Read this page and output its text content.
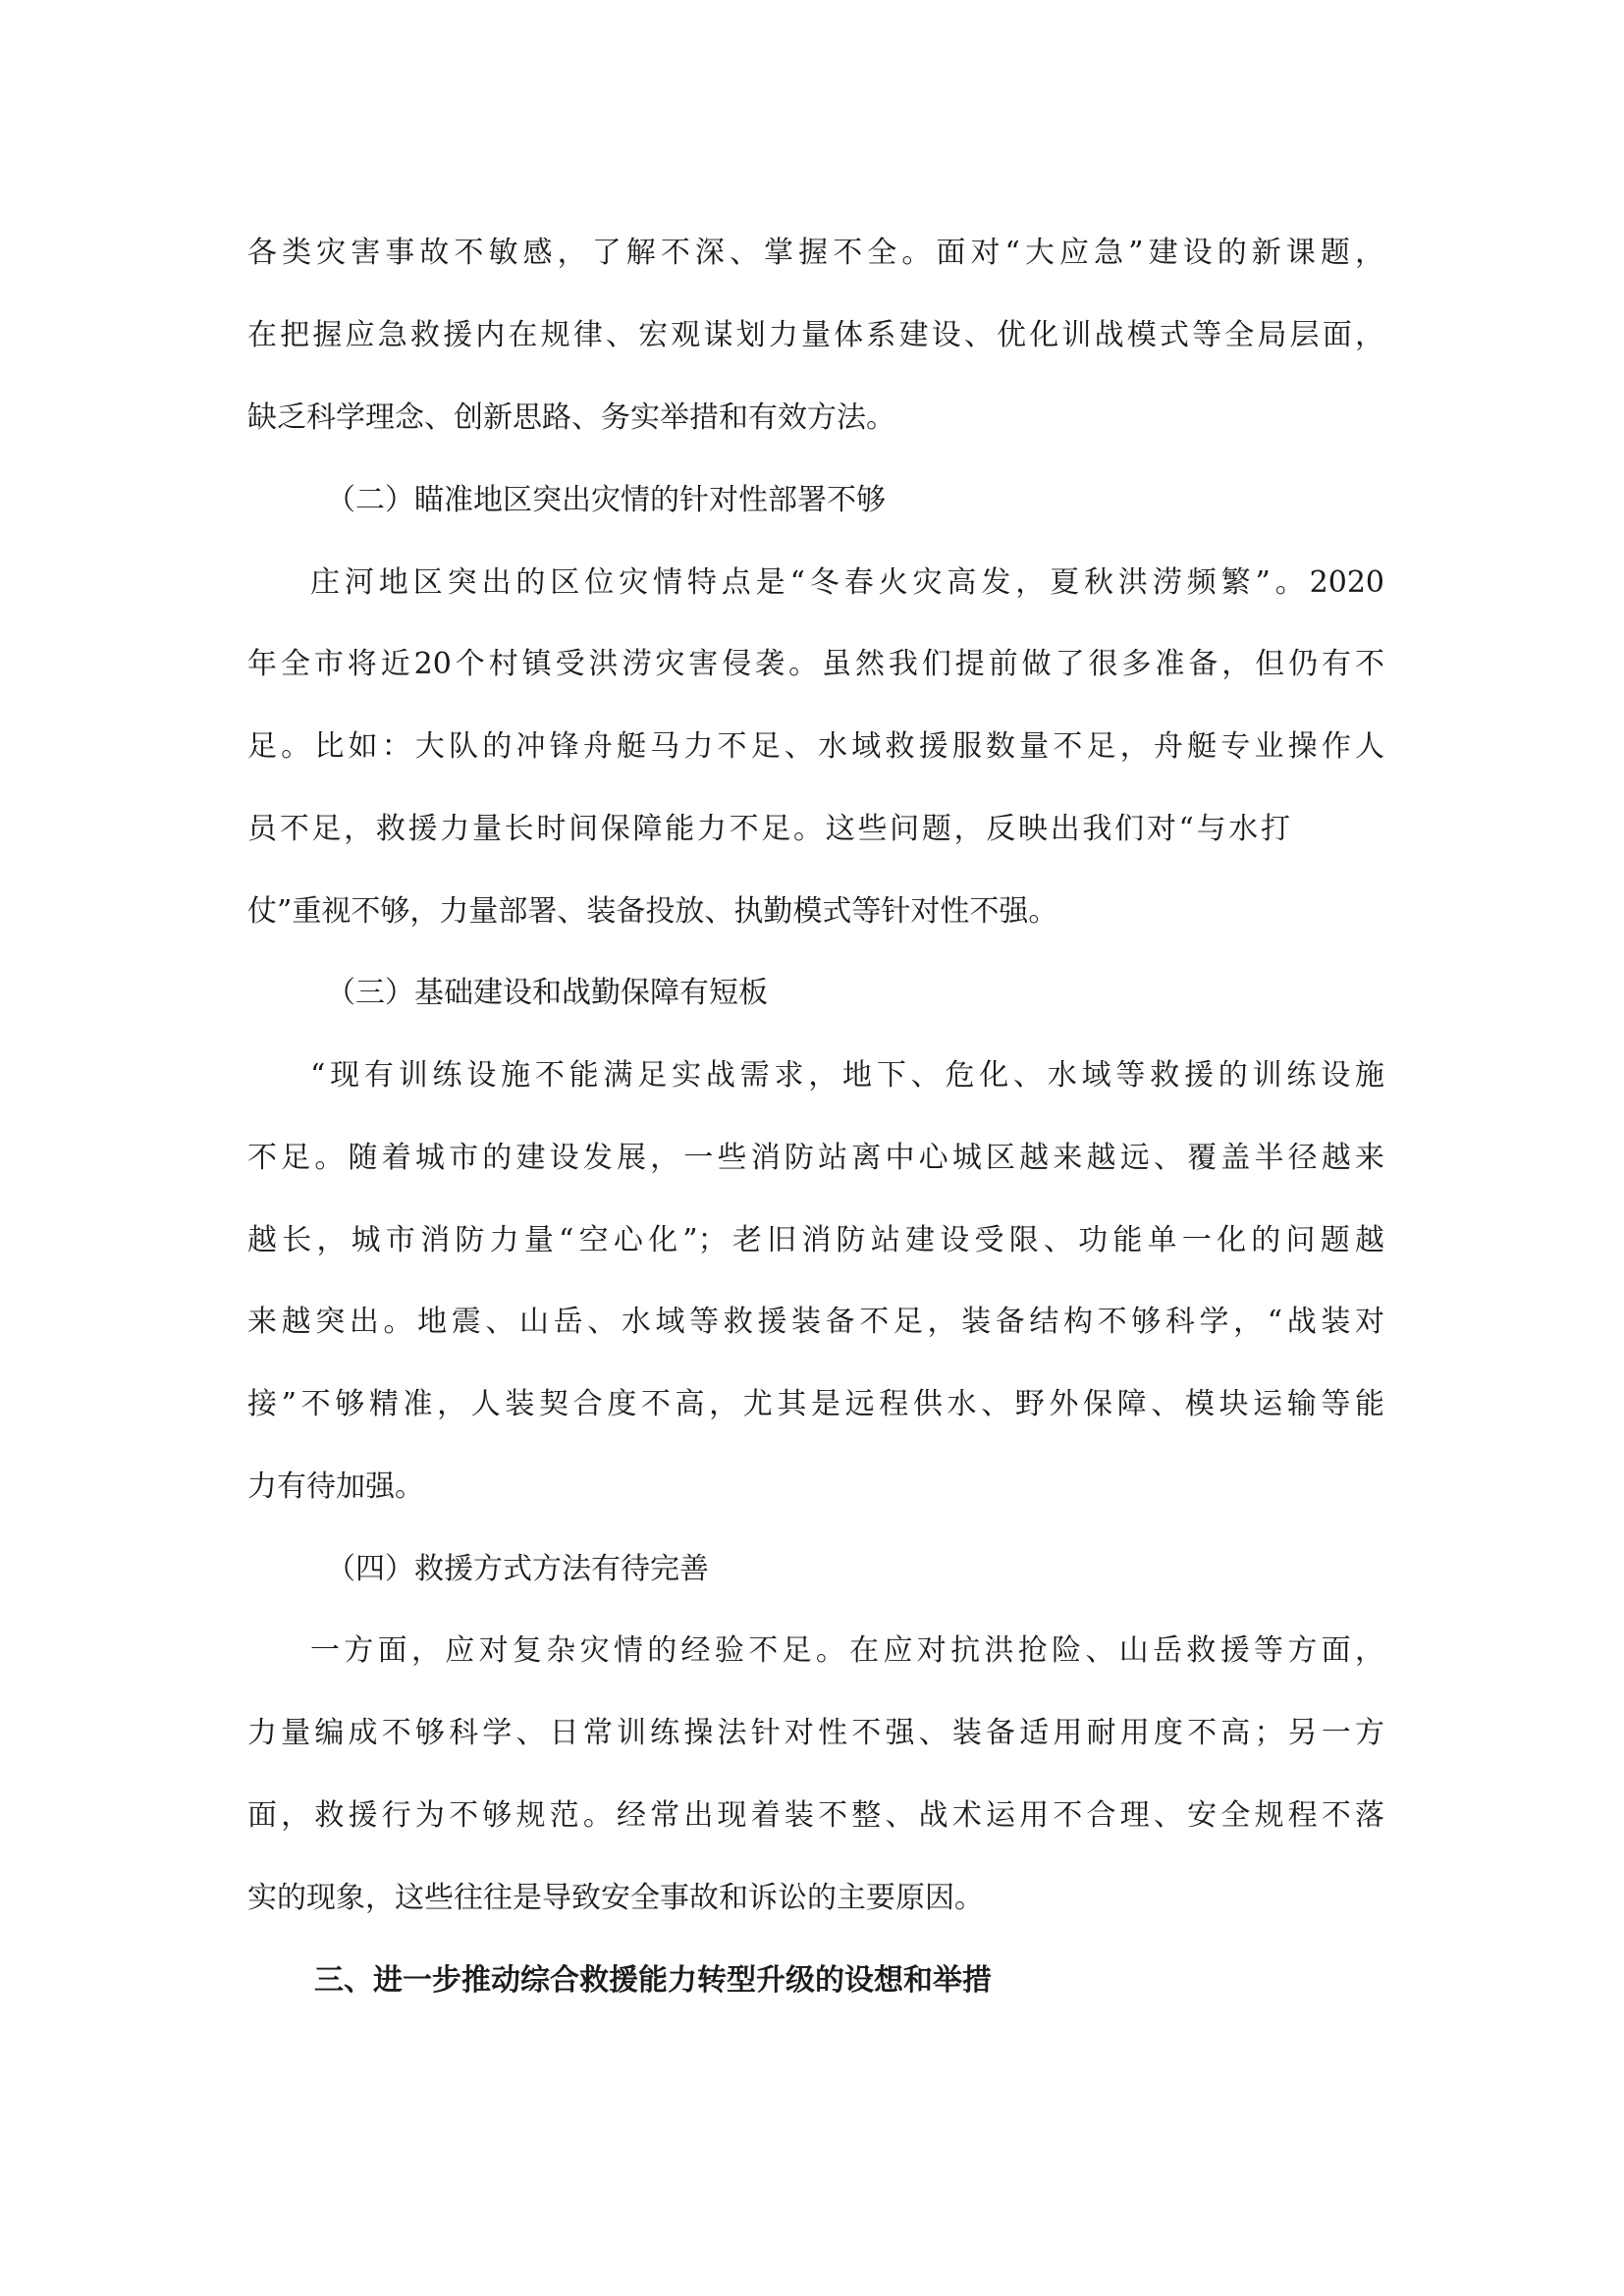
各类灾害事故不敏感，了解不深、掌握不全。面对“大应急”建设的新课题，

在把握应急救援内在规律、宏观谋划力量体系建设、优化训战模式等全局层面，

缺乏科学理念、创新思路、务实举措和有效方法。

（二）瞄准地区突出灾情的针对性部署不够

庄河地区突出的区位灾情特点是“冬春火灾高发，夏秋洪涝频繁”。2020

年全市将近20个村镇受洪涝灾害侵袭。虽然我们提前做了很多准备，但仍有不

足。比如：大队的冲锋舟艇马力不足、水域救援服数量不足，舟艇专业操作人

员不足，救援力量长时间保障能力不足。这些问题，反映出我们对“与水打

仗”重视不够，力量部署、装备投放、执勤模式等针对性不强。

（三）基础建设和战勤保障有短板

“现有训练设施不能满足实战需求，地下、危化、水域等救援的训练设施

不足。随着城市的建设发展，一些消防站离中心城区越来越远、覆盖半径越来

越长，城市消防力量“空心化”；老旧消防站建设受限、功能单一化的问题越

来越突出。地震、山岳、水域等救援装备不足，装备结构不够科学，“战装对

接”不够精准，人装契合度不高，尤其是远程供水、野外保障、模块运输等能

力有待加强。

（四）救援方式方法有待完善

一方面，应对复杂灾情的经验不足。在应对抗洪抢险、山岳救援等方面，

力量编成不够科学、日常训练操法针对性不强、装备适用耐用度不高；另一方

面，救援行为不够规范。经常出现着装不整、战术运用不合理、安全规程不落

实的现象，这些往往是导致安全事故和诉讼的主要原因。

三、进一步推动综合救援能力转型升级的设想和举措
